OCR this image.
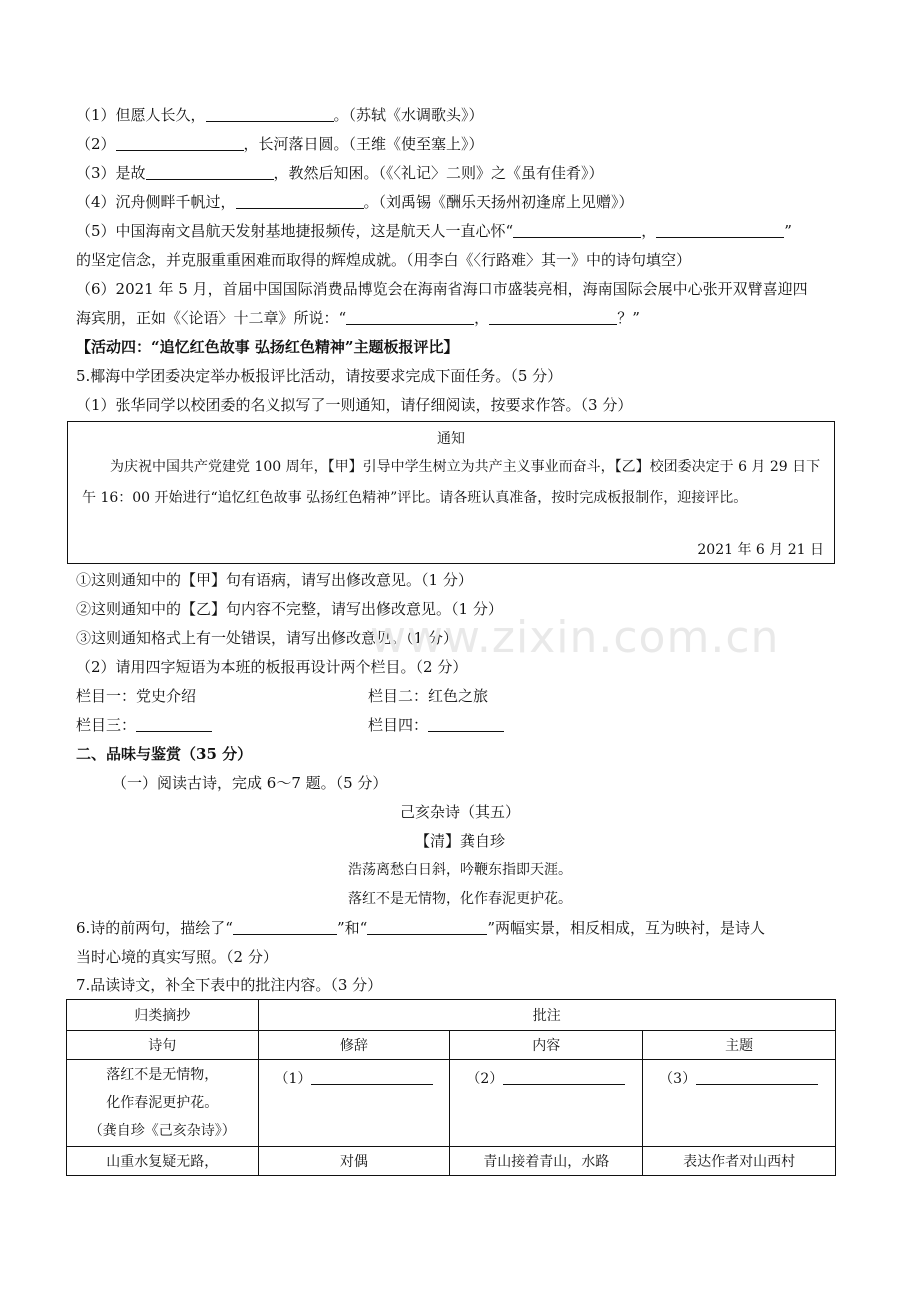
（1）但愿人长久，	。（苏轼《水调歌头》）
（2）	，长河落日圆。（王维《使至塞上》）
（3）是故	，教然后知困。（《〈礼记〉二则》之《虽有佳肴》）
（4）沉舟侧畔千帆过，	。（刘禹锡《酬乐天扬州初逢席上见赠》）
（5）中国海南文昌航天发射基地捷报频传，这是航天人一直心怀“	，	”
的坚定信念，并克服重重困难而取得的辉煌成就。（用李白《〈行路难〉其一》中的诗句填空）
（6）2021 年 5 月，首届中国国际消费品博览会在海南省海口市盛装亮相，海南国际会展中心张开双臂喜迎四
海宾朋，正如《〈论语〉十二章》所说：“	，	？”
【活动四：“追忆红色故事 弘扬红色精神”主题板报评比】
5.椰海中学团委决定举办板报评比活动，请按要求完成下面任务。（5 分）
（1）张华同学以校团委的名义拟写了一则通知，请仔细阅读，按要求作答。（3 分）
通知
为庆祝中国共产党建党 100 周年，【甲】引导中学生树立为共产主义事业而奋斗，【乙】校团委决定于 6 月 29 日下午 16：00 开始进行“追忆红色故事 弘扬红色精神”评比。请各班认真准备，按时完成板报制作，迎接评比。
2021 年 6 月 21 日
①这则通知中的【甲】句有语病，请写出修改意见。（1 分）
②这则通知中的【乙】句内容不完整，请写出修改意见。（1 分）
③这则通知格式上有一处错误，请写出修改意见。（1 分）
（2）请用四字短语为本班的板报再设计两个栏目。（2 分）
栏目一：党史介绍	栏目二：红色之旅
栏目三：	栏目四：
二、品味与鉴赏（35 分）
（一）阅读古诗，完成 6～7 题。（5 分）
己亥杂诗（其五）
【清】龚自珍
浩荡离愁白日斜，吟鞭东指即天涯。
落红不是无情物，化作春泥更护花。
6.诗的前两句，描绘了“	”和“	”两幅实景，相反相成，互为映衬，是诗人
当时心境的真实写照。（2 分）
7.品读诗文，补全下表中的批注内容。（3 分）
归类摘抄	批注		
诗句	修辞	内容	主题

落红不是无情物，
化作春泥更护花。
（龚自珍《己亥杂诗》）	（1）	（2）	（3）
山重水复疑无路，	对偶	青山接着青山，水路	表达作者对山西村
www.zixin.com.cn
